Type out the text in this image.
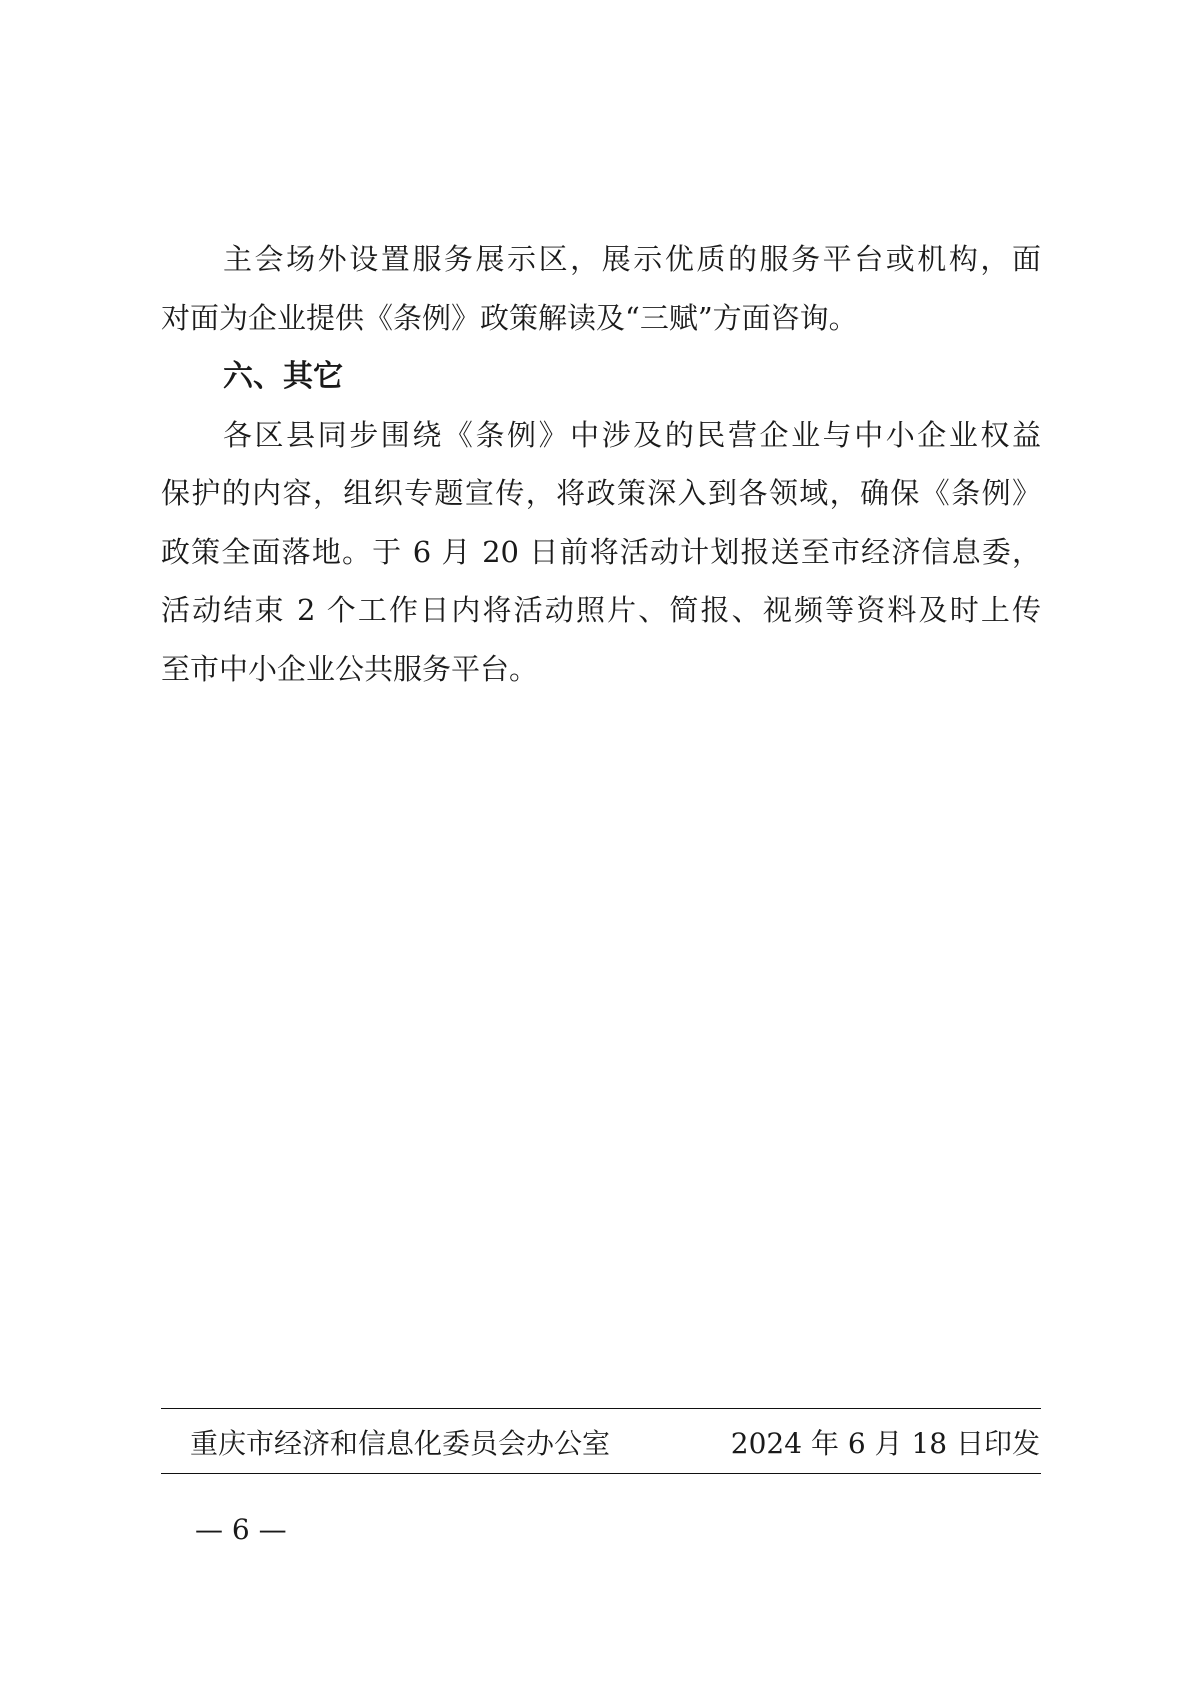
主会场外设置服务展示区，展示优质的服务平台或机构，面
对面为企业提供《条例》政策解读及“三赋”方面咨询。
六、其它
各区县同步围绕《条例》中涉及的民营企业与中小企业权益
保护的内容，组织专题宣传，将政策深入到各领域，确保《条例》
政策全面落地。于 6 月 20 日前将活动计划报送至市经济信息委，
活动结束 2 个工作日内将活动照片、简报、视频等资料及时上传
至市中小企业公共服务平台。
重庆市经济和信息化委员会办公室	2024 年 6 月 18 日印发
— 6 —
